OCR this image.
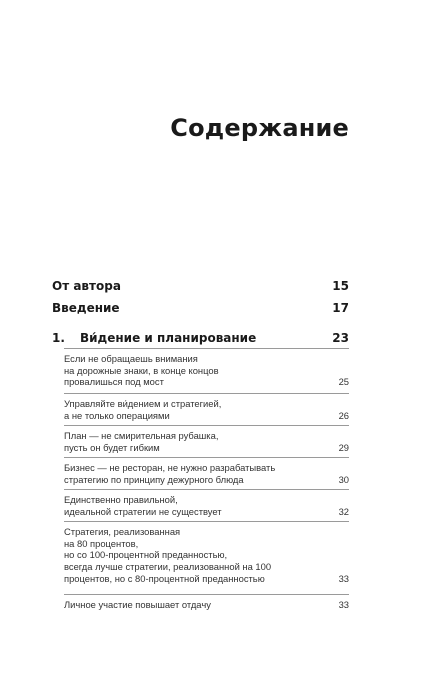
Содержание
От автора	15
Введение	17
1. Ви́дение и планирование	23
Если не обращаешь внимания
на дорожные знаки, в конце концов
провалишься под мост	25
Управляйте ви́дением и стратегией,
а не только операциями	26
План — не смирительная рубашка,
пусть он будет гибким	29
Бизнес — не ресторан, не нужно разрабатывать
стратегию по принципу дежурного блюда	30
Единственно правильной,
идеальной стратегии не существует	32
Стратегия, реализованная
на 80 процентов,
но со 100-процентной преданностью,
всегда лучше стратегии, реализованной на 100
процентов, но с 80-процентной преданностью	33
Личное участие повышает отдачу	33
